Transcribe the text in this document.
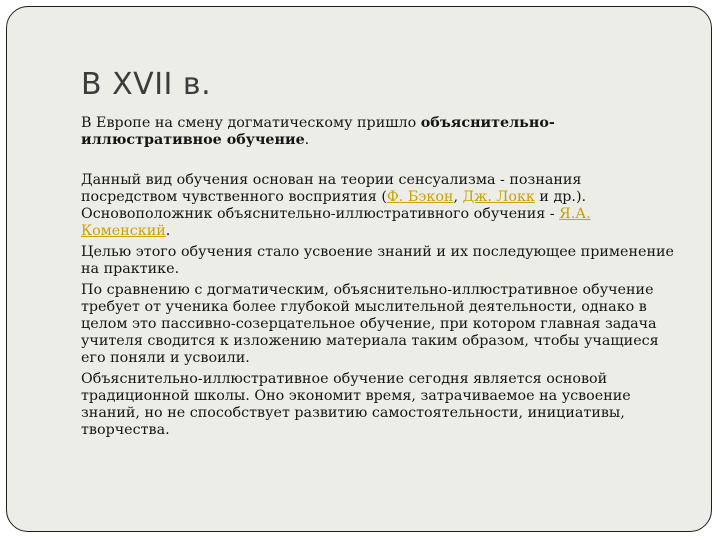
В XVII в.

В Европе на смену догматическому пришло объяснительно-иллюстративное обучение.

Данный вид обучения основан на теории сенсуализма - познания посредством чувственного восприятия (Ф. Бэкон, Дж. Локк и др.). Основоположник объяснительно-иллюстративного обучения - Я.А. Коменский.

Целью этого обучения стало усвоение знаний и их последующее применение на практике.

По сравнению с догматическим, объяснительно-иллюстративное обучение требует от ученика более глубокой мыслительной деятельности, однако в целом это пассивно-созерцательное обучение, при котором главная задача учителя сводится к изложению материала таким образом, чтобы учащиеся его поняли и усвоили.

Объяснительно-иллюстративное обучение сегодня является основой традиционной школы. Оно экономит время, затрачиваемое на усвоение знаний, но не способствует развитию самостоятельности, инициативы, творчества.
